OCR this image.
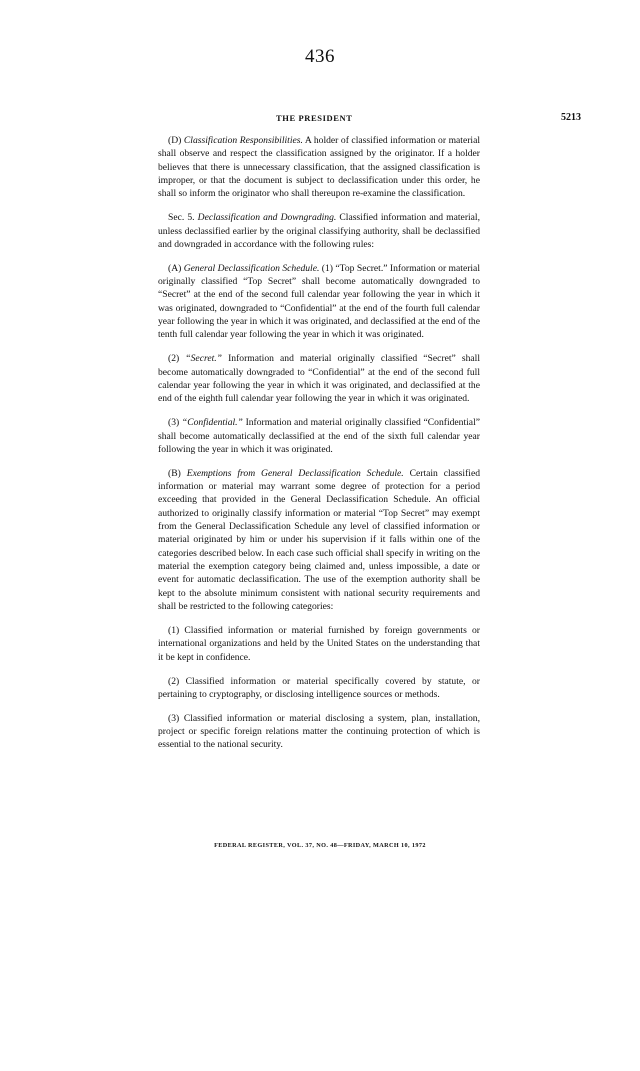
436
THE PRESIDENT	5213

(D) Classification Responsibilities. A holder of classified information or material shall observe and respect the classification assigned by the originator. If a holder believes that there is unnecessary classification, that the assigned classification is improper, or that the document is subject to declassification under this order, he shall so inform the originator who shall thereupon re-examine the classification.

Sec. 5. Declassification and Downgrading. Classified information and material, unless declassified earlier by the original classifying authority, shall be declassified and downgraded in accordance with the following rules:

(A) General Declassification Schedule. (1) “Top Secret.” Information or material originally classified “Top Secret” shall become automatically downgraded to “Secret” at the end of the second full calendar year following the year in which it was originated, downgraded to “Confidential” at the end of the fourth full calendar year following the year in which it was originated, and declassified at the end of the tenth full calendar year following the year in which it was originated.

(2) “Secret.” Information and material originally classified “Secret” shall become automatically downgraded to “Confidential” at the end of the second full calendar year following the year in which it was originated, and declassified at the end of the eighth full calendar year following the year in which it was originated.

(3) “Confidential.” Information and material originally classified “Confidential” shall become automatically declassified at the end of the sixth full calendar year following the year in which it was originated.

(B) Exemptions from General Declassification Schedule. Certain classified information or material may warrant some degree of protection for a period exceeding that provided in the General Declassification Schedule. An official authorized to originally classify information or material “Top Secret” may exempt from the General Declassification Schedule any level of classified information or material originated by him or under his supervision if it falls within one of the categories described below. In each case such official shall specify in writing on the material the exemption category being claimed and, unless impossible, a date or event for automatic declassification. The use of the exemption authority shall be kept to the absolute minimum consistent with national security requirements and shall be restricted to the following categories:

(1) Classified information or material furnished by foreign governments or international organizations and held by the United States on the understanding that it be kept in confidence.

(2) Classified information or material specifically covered by statute, or pertaining to cryptography, or disclosing intelligence sources or methods.

(3) Classified information or material disclosing a system, plan, installation, project or specific foreign relations matter the continuing protection of which is essential to the national security.

FEDERAL REGISTER, VOL. 37, NO. 48—FRIDAY, MARCH 10, 1972
